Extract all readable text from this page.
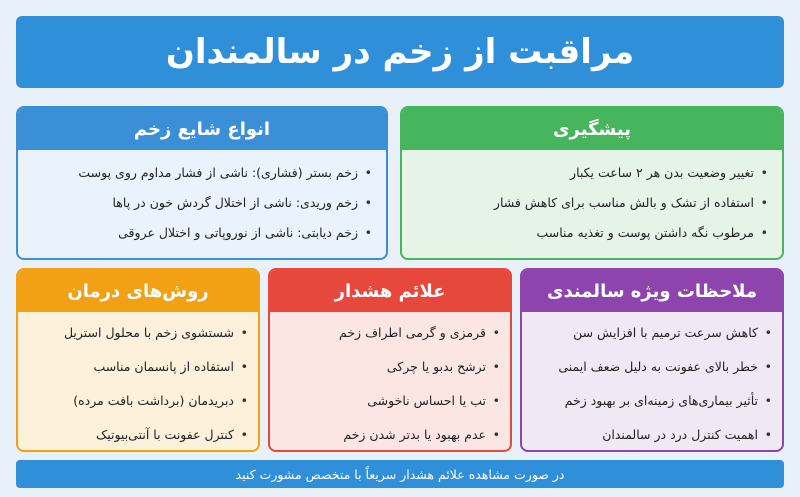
مراقبت از زخم در سالمندان
انواع شایع زخم
• زخم بستر (فشاری): ناشی از فشار مداوم روی پوست
• زخم وریدی: ناشی از اختلال گردش خون در پاها
• زخم دیابتی: ناشی از نوروپاتی و اختلال عروقی
پیشگیری
• تغییر وضعیت بدن هر ۲ ساعت یکبار
• استفاده از تشک و بالش مناسب برای کاهش فشار
• مرطوب نگه داشتن پوست و تغذیه مناسب
روش‌های درمان
• شستشوی زخم با محلول استریل
• استفاده از پانسمان مناسب
• دبریدمان (برداشت بافت مرده)
• کنترل عفونت با آنتی‌بیوتیک
علائم هشدار
• قرمزی و گرمی اطراف زخم
• ترشح بدبو یا چرکی
• تب یا احساس ناخوشی
• عدم بهبود یا بدتر شدن زخم
ملاحظات ویژه سالمندی
• کاهش سرعت ترمیم با افزایش سن
• خطر بالای عفونت به دلیل ضعف ایمنی
• تأثیر بیماری‌های زمینه‌ای بر بهبود زخم
• اهمیت کنترل درد در سالمندان
در صورت مشاهده علائم هشدار سریعاً با متخصص مشورت کنید
